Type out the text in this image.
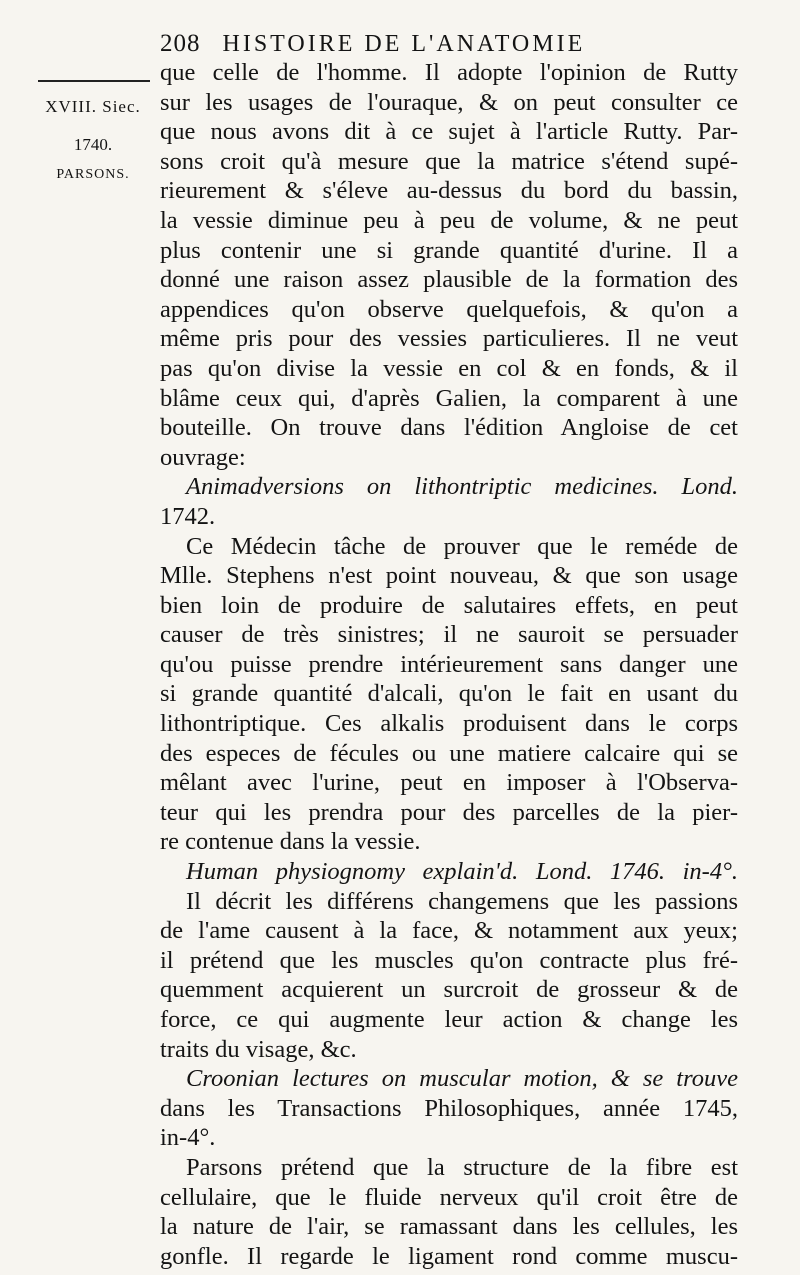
208 HISTOIRE DE L'ANATOMIE
XVIII. Siec.
1740.
PARSONS.
que celle de l'homme. Il adopte l'opinion de Rutty
sur les usages de l'ouraque, & on peut consulter ce
que nous avons dit à ce sujet à l'article Rutty. Par-
sons croit qu'à mesure que la matrice s'étend supé-
rieurement & s'éleve au-dessus du bord du bassin,
la vessie diminue peu à peu de volume, & ne peut
plus contenir une si grande quantité d'urine. Il a
donné une raison assez plausible de la formation des
appendices qu'on observe quelquefois, & qu'on a
même pris pour des vessies particulieres. Il ne veut
pas qu'on divise la vessie en col & en fonds, & il
blâme ceux qui, d'après Galien, la comparent à une
bouteille. On trouve dans l'édition Angloise de cet
ouvrage:
Animadversions on lithontriptic medicines. Lond.
1742.
Ce Médecin tâche de prouver que le reméde de
Mlle. Stephens n'est point nouveau, & que son usage
bien loin de produire de salutaires effets, en peut
causer de très sinistres; il ne sauroit se persuader
qu'ou puisse prendre intérieurement sans danger une
si grande quantité d'alcali, qu'on le fait en usant du
lithontriptique. Ces alkalis produisent dans le corps
des especes de fécules ou une matiere calcaire qui se
mêlant avec l'urine, peut en imposer à l'Observa-
teur qui les prendra pour des parcelles de la pier-
re contenue dans la vessie.
Human physiognomy explain'd. Lond. 1746. in-4°.
Il décrit les différens changemens que les passions
de l'ame causent à la face, & notamment aux yeux;
il prétend que les muscles qu'on contracte plus fré-
quemment acquierent un surcroit de grosseur & de
force, ce qui augmente leur action & change les
traits du visage, &c.
Croonian lectures on muscular motion, & se trouve
dans les Transactions Philosophiques, année 1745,
in-4°.
Parsons prétend que la structure de la fibre est
cellulaire, que le fluide nerveux qu'il croit être de
la nature de l'air, se ramassant dans les cellules, les
gonfle. Il regarde le ligament rond comme muscu-
